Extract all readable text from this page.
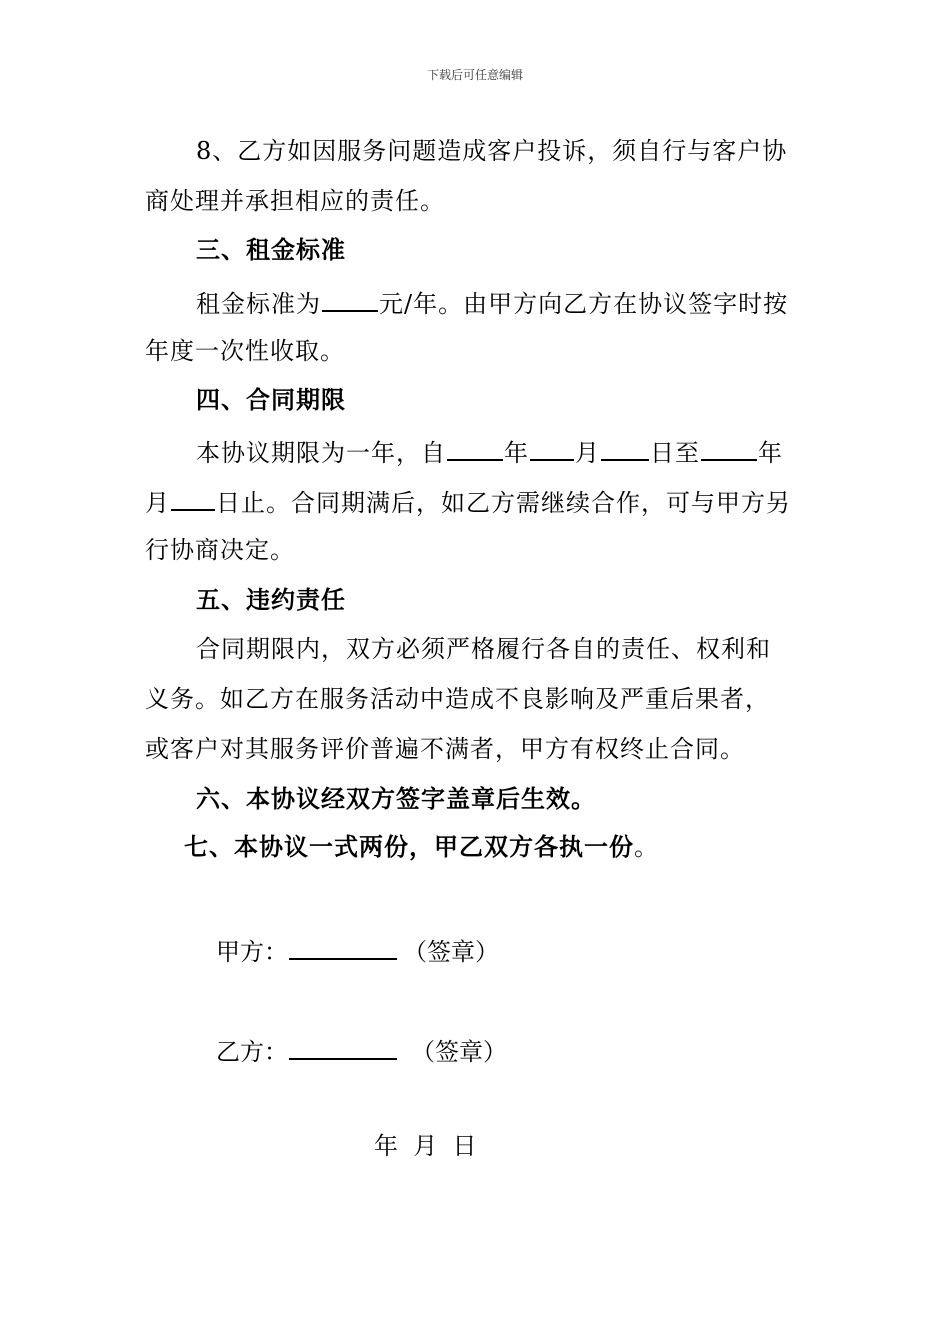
下载后可任意编辑
8、乙方如因服务问题造成客户投诉，须自行与客户协
商处理并承担相应的责任。
三、租金标准
租金标准为 元/年。由甲方向乙方在协议签字时按
年度一次性收取。
四、合同期限
本协议期限为一年，自 年 月 日至 年
月 日止。合同期满后，如乙方需继续合作，可与甲方另
行协商决定。
五、违约责任
合同期限内，双方必须严格履行各自的责任、权利和
义务。如乙方在服务活动中造成不良影响及严重后果者，
或客户对其服务评价普遍不满者，甲方有权终止合同。
六、本协议经双方签字盖章后生效。
七、本协议一式两份，甲乙双方各执一份。
甲方：	（签章）
乙方：	（签章）
年  月  日
